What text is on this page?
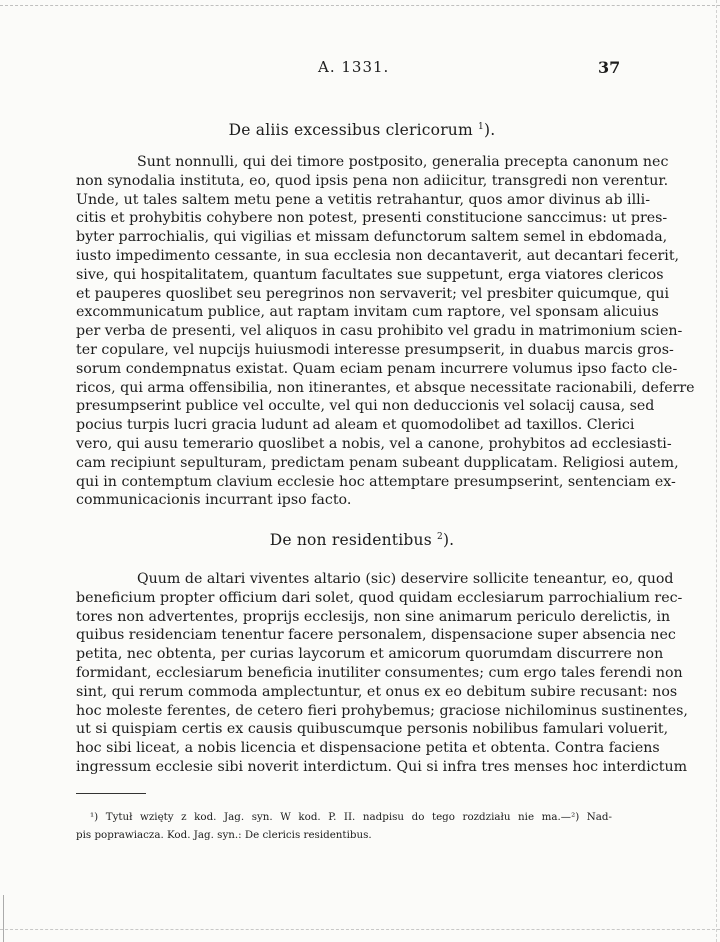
A. 1331.	37
De aliis excessibus clericorum $^1$).
Sunt nonnulli, qui dei timore postposito, generalia precepta canonum nec
non synodalia instituta, eo, quod ipsis pena non adiicitur, transgredi non verentur.
Unde, ut tales saltem metu pene a vetitis retrahantur, quos amor divinus ab illi-
citis et prohybitis cohybere non potest, presenti constitucione sanccimus: ut pres-
byter parrochialis, qui vigilias et missam defunctorum saltem semel in ebdomada,
iusto impedimento cessante, in sua ecclesia non decantaverit, aut decantari fecerit,
sive, qui hospitalitatem, quantum facultates sue suppetunt, erga viatores clericos
et pauperes quoslibet seu peregrinos non servaverit; vel presbiter quicumque, qui
excommunicatum publice, aut raptam invitam cum raptore, vel sponsam alicuius
per verba de presenti, vel aliquos in casu prohibito vel gradu in matrimonium scien-
ter copulare, vel nupcijs huiusmodi interesse presumpserit, in duabus marcis gros-
sorum condempnatus existat. Quam eciam penam incurrere volumus ipso facto cle-
ricos, qui arma offensibilia, non itinerantes, et absque necessitate racionabili, deferre
presumpserint publice vel occulte, vel qui non deduccionis vel solacij causa, sed
pocius turpis lucri gracia ludunt ad aleam et quomodolibet ad taxillos. Clerici
vero, qui ausu temerario quoslibet a nobis, vel a canone, prohybitos ad ecclesiasti-
cam recipiunt sepulturam, predictam penam subeant dupplicatam. Religiosi autem,
qui in contemptum clavium ecclesie hoc attemptare presumpserint, sentenciam ex-
communicacionis incurrant ipso facto.
De non residentibus $^2$).
Quum de altari viventes altario (sic) deservire sollicite teneantur, eo, quod
beneficium propter officium dari solet, quod quidam ecclesiarum parrochialium rec-
tores non advertentes, proprijs ecclesijs, non sine animarum periculo derelictis, in
quibus residenciam tenentur facere personalem, dispensacione super absencia nec
petita, nec obtenta, per curias laycorum et amicorum quorumdam discurrere non
formidant, ecclesiarum beneficia inutiliter consumentes; cum ergo tales ferendi non
sint, qui rerum commoda amplectuntur, et onus ex eo debitum subire recusant: nos
hoc moleste ferentes, de cetero fieri prohybemus; graciose nichilominus sustinentes,
ut si quispiam certis ex causis quibuscumque personis nobilibus famulari voluerit,
hoc sibi liceat, a nobis licencia et dispensacione petita et obtenta. Contra faciens
ingressum ecclesie sibi noverit interdictum. Qui si infra tres menses hoc interdictum
¹) Tytuł wzięty z kod. Jag. syn. W kod. P. II. nadpisu do tego rozdziału nie ma.—²) Nad-
pis poprawiacza. Kod. Jag. syn.: De clericis residentibus.
